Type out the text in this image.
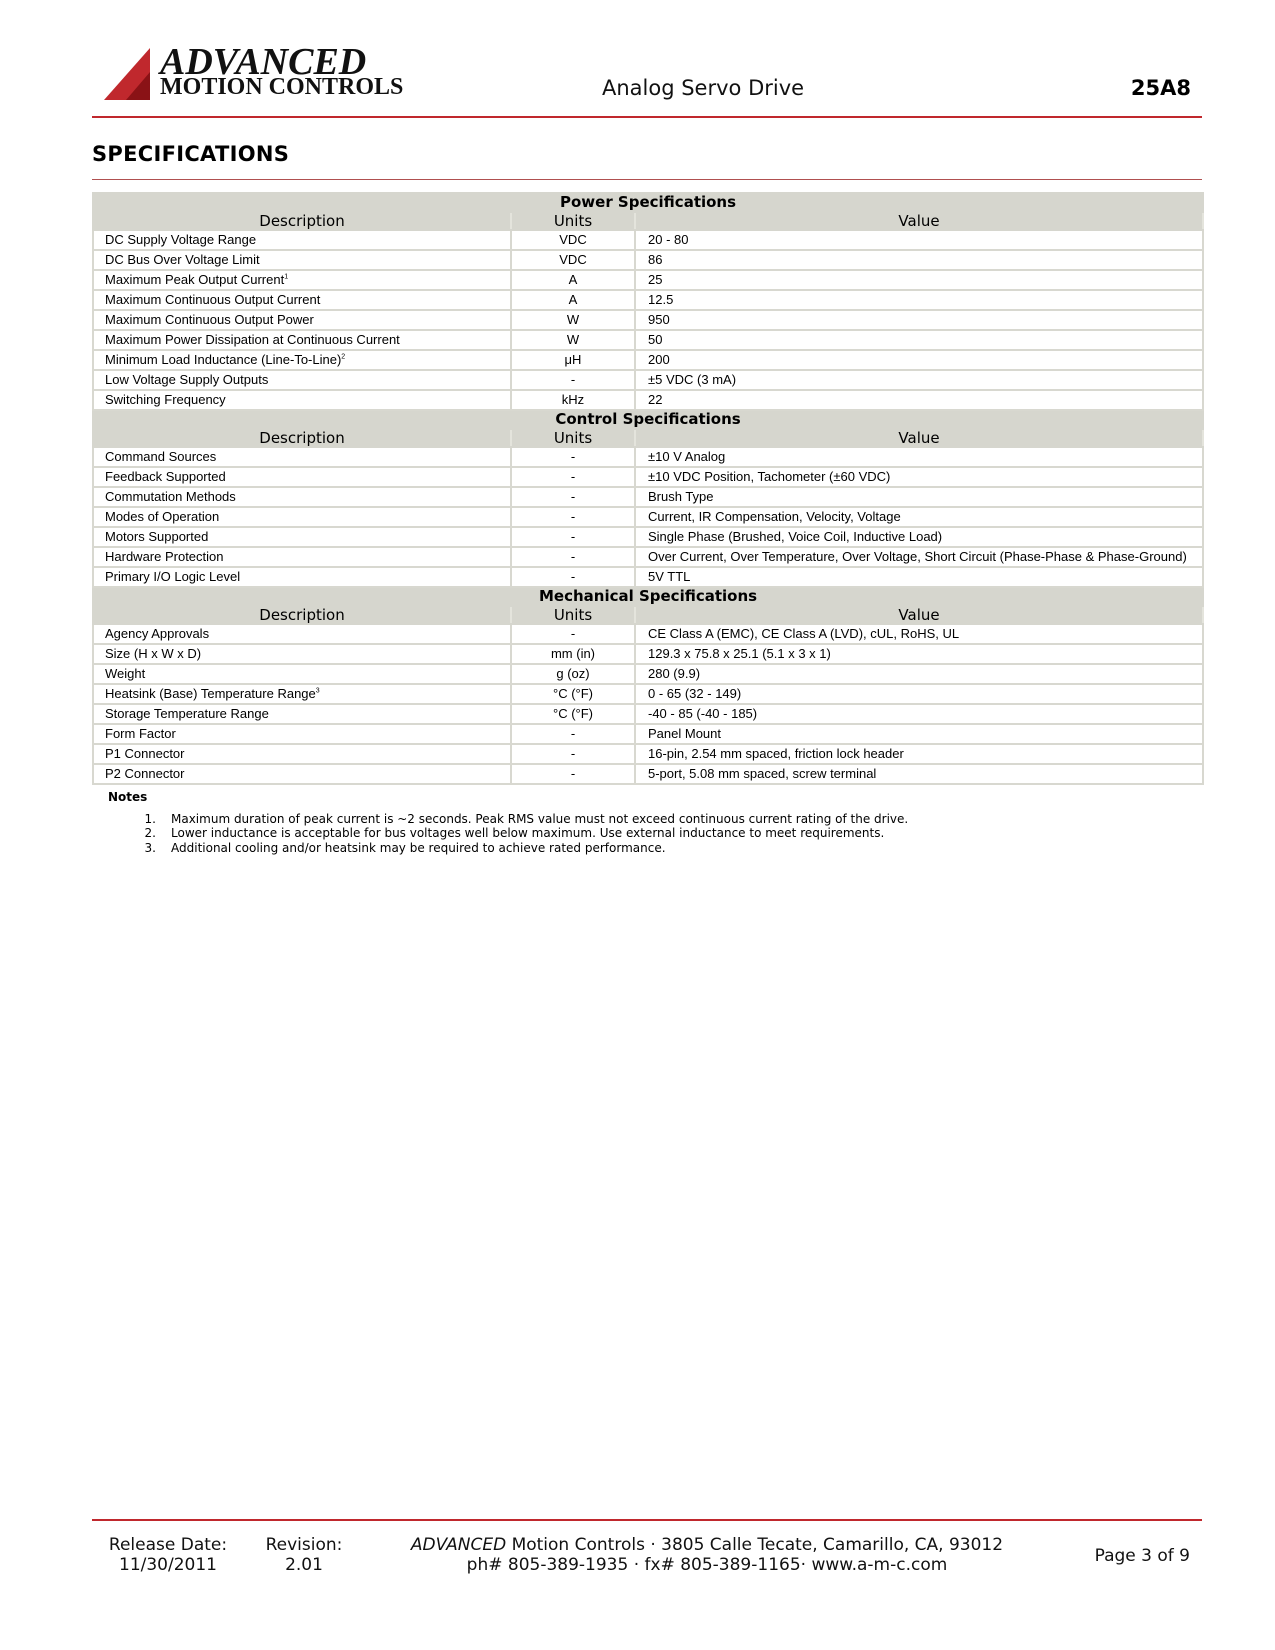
ADVANCED
MOTION CONTROLS	Analog Servo Drive	25A8
SPECIFICATIONS
Power Specifications		
Description	Units	Value
DC Supply Voltage Range	VDC	20 - 80
DC Bus Over Voltage Limit	VDC	86
Maximum Peak Output Current$^1$	A	25
Maximum Continuous Output Current	A	12.5
Maximum Continuous Output Power	W	950
Maximum Power Dissipation at Continuous Current	W	50
Minimum Load Inductance (Line-To-Line)$^2$	μH	200
Low Voltage Supply Outputs	-	±5 VDC (3 mA)
Switching Frequency	kHz	22
Control Specifications		
Description	Units	Value
Command Sources	-	±10 V Analog
Feedback Supported	-	±10 VDC Position, Tachometer (±60 VDC)
Commutation Methods	-	Brush Type
Modes of Operation	-	Current, IR Compensation, Velocity, Voltage
Motors Supported	-	Single Phase (Brushed, Voice Coil, Inductive Load)
Hardware Protection	-	Over Current, Over Temperature, Over Voltage, Short Circuit (Phase-Phase & Phase-Ground)
Primary I/O Logic Level	-	5V TTL
Mechanical Specifications		
Description	Units	Value
Agency Approvals	-	CE Class A (EMC), CE Class A (LVD), cUL, RoHS, UL
Size (H x W x D)	mm (in)	129.3 x 75.8 x 25.1 (5.1 x 3 x 1)
Weight	g (oz)	280 (9.9)
Heatsink (Base) Temperature Range$^3$	°C (°F)	0 - 65 (32 - 149)
Storage Temperature Range	°C (°F)	-40 - 85 (-40 - 185)
Form Factor	-	Panel Mount
P1 Connector	-	16-pin, 2.54 mm spaced, friction lock header
P2 Connector	-	5-port, 5.08 mm spaced, screw terminal
Notes
1. Maximum duration of peak current is ~2 seconds. Peak RMS value must not exceed continuous current rating of the drive.
2. Lower inductance is acceptable for bus voltages well below maximum. Use external inductance to meet requirements.
3. Additional cooling and/or heatsink may be required to achieve rated performance.
Release Date:
11/30/2011
Revision:
2.01
ADVANCED Motion Controls · 3805 Calle Tecate, Camarillo, CA, 93012
ph# 805-389-1935 · fx# 805-389-1165· www.a-m-c.com	Page 3 of 9
